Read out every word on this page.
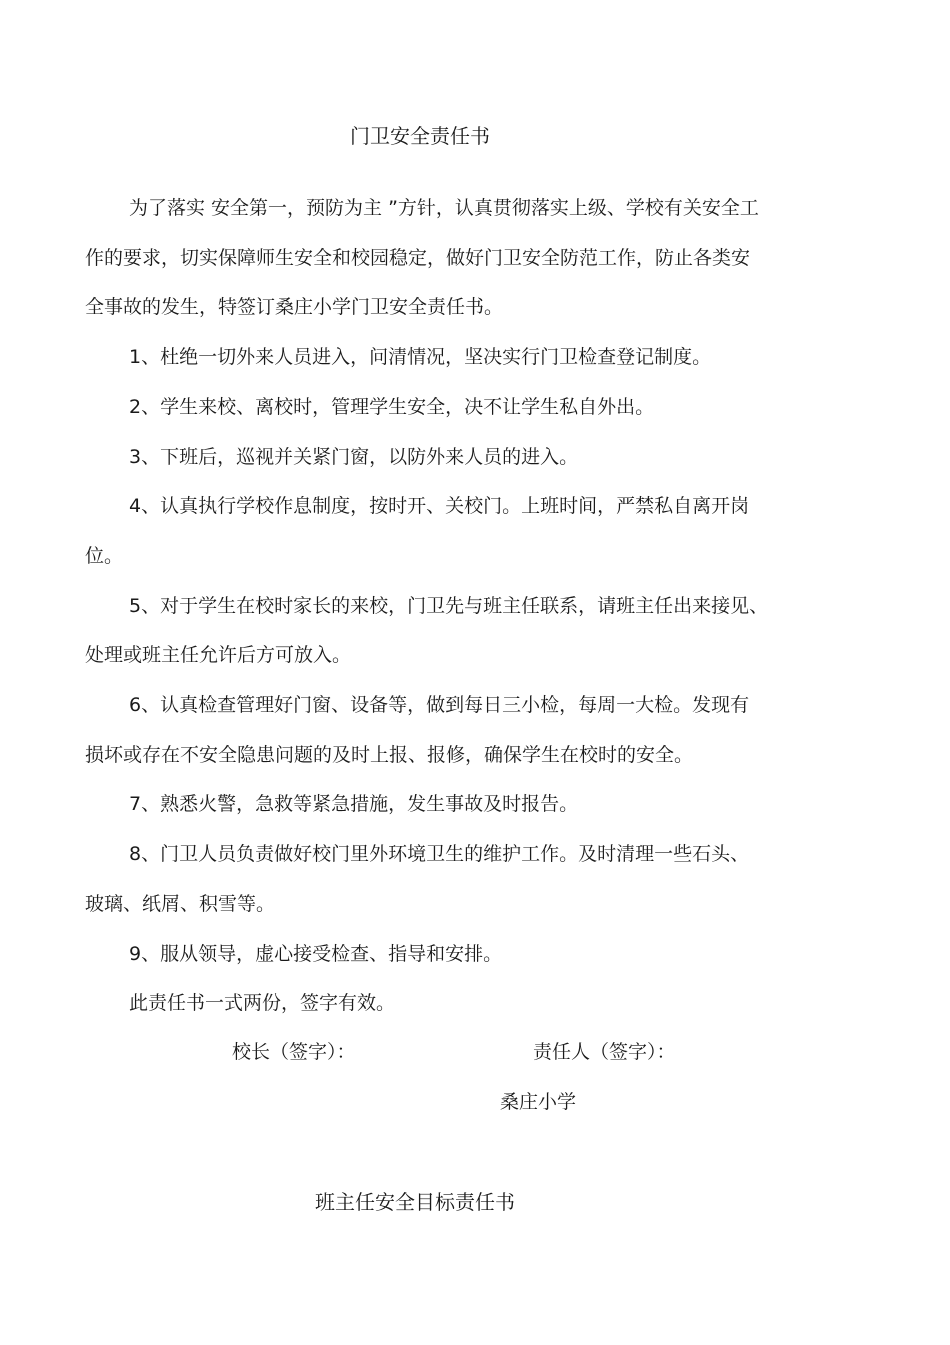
门卫安全责任书

为了落实 安全第一，预防为主 ”方针，认真贯彻落实上级、学校有关安全工

作的要求，切实保障师生安全和校园稳定，做好门卫安全防范工作，防止各类安
全事故的发生，特签订桑庄小学门卫安全责任书。

1、杜绝一切外来人员进入，问清情况，坚决实行门卫检查登记制度。

2、学生来校、离校时，管理学生安全，决不让学生私自外出。

3、下班后，巡视并关紧门窗，以防外来人员的进入。

4、认真执行学校作息制度，按时开、关校门。上班时间，严禁私自离开岗

位。

5、对于学生在校时家长的来校，门卫先与班主任联系，请班主任出来接见、

处理或班主任允许后方可放入。

6、认真检查管理好门窗、设备等，做到每日三小检，每周一大检。发现有

损坏或存在不安全隐患问题的及时上报、报修，确保学生在校时的安全。

7、熟悉火警，急救等紧急措施，发生事故及时报告。

8、门卫人员负责做好校门里外环境卫生的维护工作。及时清理一些石头、

玻璃、纸屑、积雪等。

9、服从领导，虚心接受检查、指导和安排。

此责任书一式两份，签字有效。

校长（签字）：	责任人（签字）：
桑庄小学
班主任安全目标责任书
